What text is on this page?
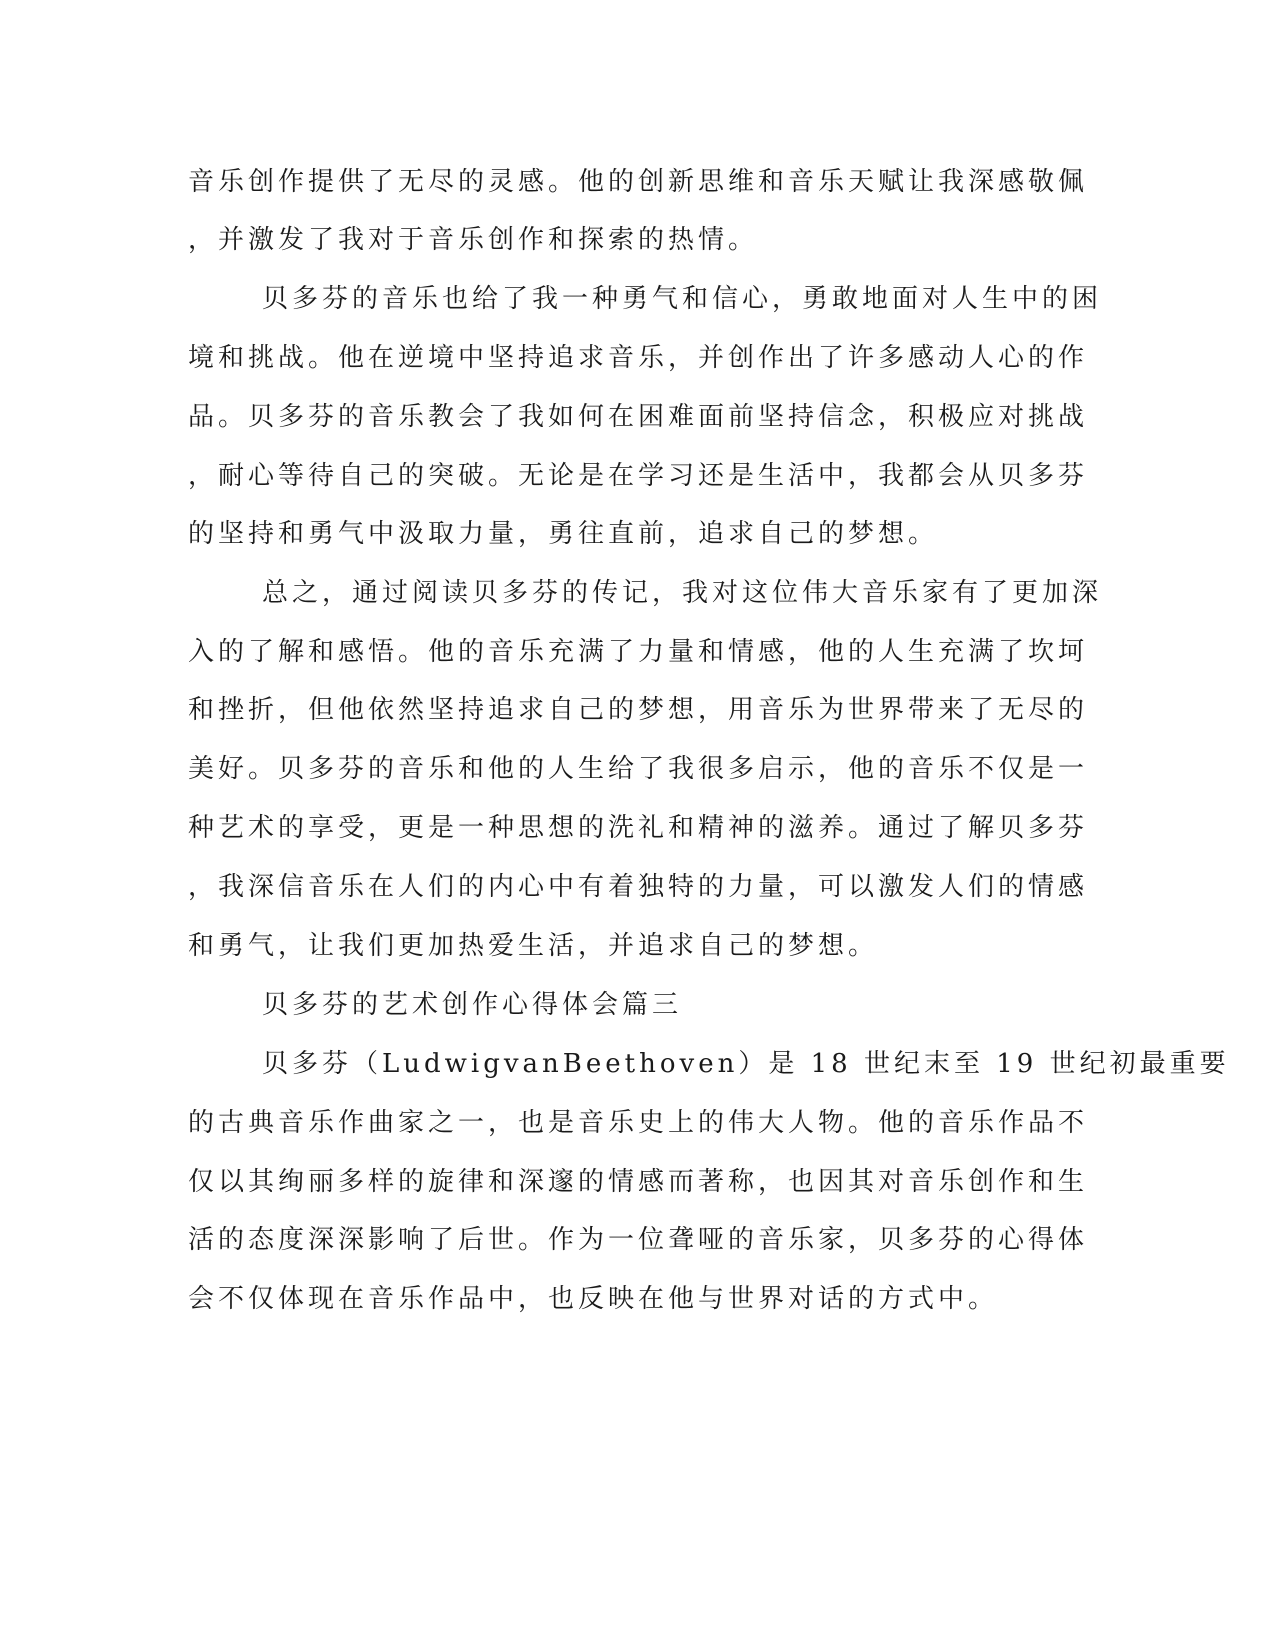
音乐创作提供了无尽的灵感。他的创新思维和音乐天赋让我深感敬佩
，并激发了我对于音乐创作和探索的热情。
贝多芬的音乐也给了我一种勇气和信心，勇敢地面对人生中的困
境和挑战。他在逆境中坚持追求音乐，并创作出了许多感动人心的作
品。贝多芬的音乐教会了我如何在困难面前坚持信念，积极应对挑战
，耐心等待自己的突破。无论是在学习还是生活中，我都会从贝多芬
的坚持和勇气中汲取力量，勇往直前，追求自己的梦想。
总之，通过阅读贝多芬的传记，我对这位伟大音乐家有了更加深
入的了解和感悟。他的音乐充满了力量和情感，他的人生充满了坎坷
和挫折，但他依然坚持追求自己的梦想，用音乐为世界带来了无尽的
美好。贝多芬的音乐和他的人生给了我很多启示，他的音乐不仅是一
种艺术的享受，更是一种思想的洗礼和精神的滋养。通过了解贝多芬
，我深信音乐在人们的内心中有着独特的力量，可以激发人们的情感
和勇气，让我们更加热爱生活，并追求自己的梦想。
贝多芬的艺术创作心得体会篇三
贝多芬（LudwigvanBeethoven）是 18 世纪末至 19 世纪初最重要
的古典音乐作曲家之一，也是音乐史上的伟大人物。他的音乐作品不
仅以其绚丽多样的旋律和深邃的情感而著称，也因其对音乐创作和生
活的态度深深影响了后世。作为一位聋哑的音乐家，贝多芬的心得体
会不仅体现在音乐作品中，也反映在他与世界对话的方式中。
